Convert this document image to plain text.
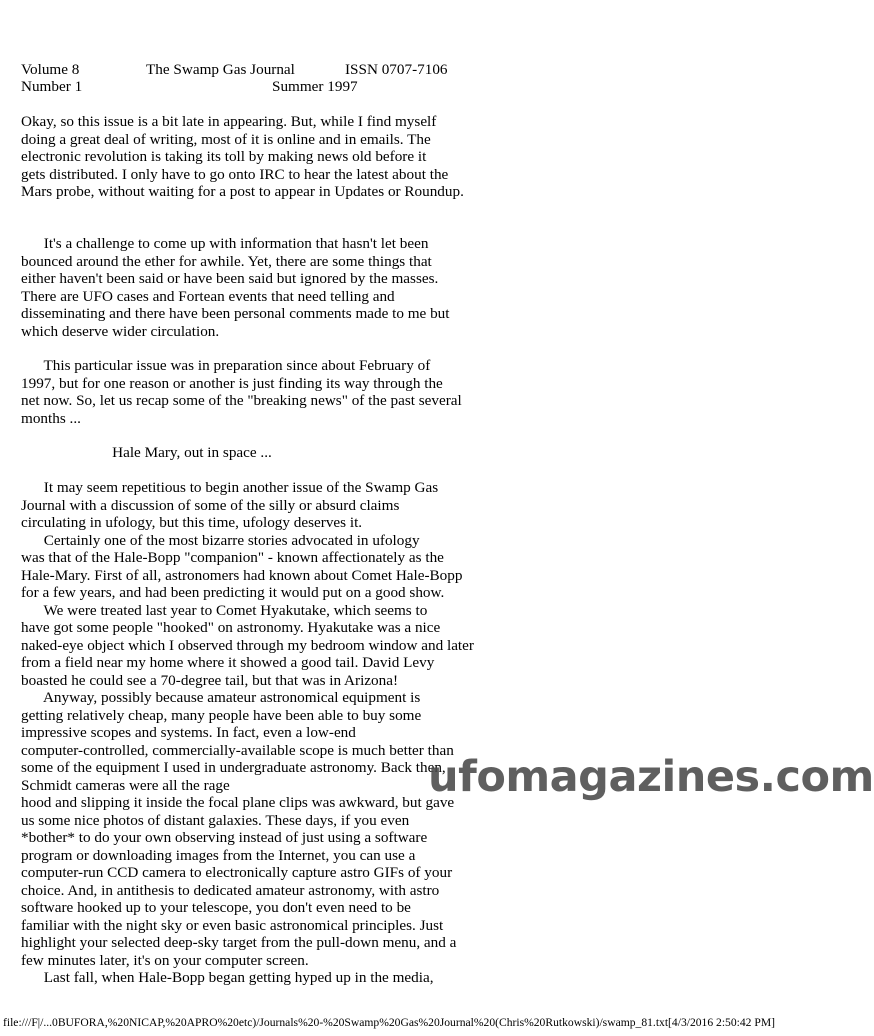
Volume 8	The Swamp Gas Journal	ISSN 0707-7106
Number 1	Summer 1997
Okay, so this issue is a bit late in appearing. But, while I find myself
doing a great deal of writing, most of it is online and in emails. The
electronic revolution is taking its toll by making news old before it
gets distributed. I only have to go onto IRC to hear the latest about the
Mars probe, without waiting for a post to appear in Updates or Roundup.
It's a challenge to come up with information that hasn't let been
bounced around the ether for awhile. Yet, there are some things that
either haven't been said or have been said but ignored by the masses.
There are UFO cases and Fortean events that need telling and
disseminating and there have been personal comments made to me but
which deserve wider circulation.
This particular issue was in preparation since about February of
1997, but for one reason or another is just finding its way through the
net now. So, let us recap some of the "breaking news" of the past several
months ...
Hale Mary, out in space ...
It may seem repetitious to begin another issue of the Swamp Gas
Journal with a discussion of some of the silly or absurd claims
circulating in ufology, but this time, ufology deserves it.
Certainly one of the most bizarre stories advocated in ufology
was that of the Hale-Bopp "companion" - known affectionately as the
Hale-Mary. First of all, astronomers had known about Comet Hale-Bopp
for a few years, and had been predicting it would put on a good show.
We were treated last year to Comet Hyakutake, which seems to
have got some people "hooked" on astronomy. Hyakutake was a nice
naked-eye object which I observed through my bedroom window and later
from a field near my home where it showed a good tail. David Levy
boasted he could see a 70-degree tail, but that was in Arizona!
Anyway, possibly because amateur astronomical equipment is
getting relatively cheap, many people have been able to buy some
impressive scopes and systems. In fact, even a low-end
computer-controlled, commercially-available scope is much better than
some of the equipment I used in undergraduate astronomy. Back then,
Schmidt cameras were all the rage
hood and slipping it inside the focal plane clips was awkward, but gave
us some nice photos of distant galaxies. These days, if you even
*bother* to do your own observing instead of just using a software
program or downloading images from the Internet, you can use a
computer-run CCD camera to electronically capture astro GIFs of your
choice. And, in antithesis to dedicated amateur astronomy, with astro
software hooked up to your telescope, you don't even need to be
familiar with the night sky or even basic astronomical principles. Just
highlight your selected deep-sky target from the pull-down menu, and a
few minutes later, it's on your computer screen.
Last fall, when Hale-Bopp began getting hyped up in the media,
ufomagazines.com
file:///F|/...0BUFORA,%20NICAP,%20APRO%20etc)/Journals%20-%20Swamp%20Gas%20Journal%20(Chris%20Rutkowski)/swamp_81.txt[4/3/2016 2:50:42 PM]
